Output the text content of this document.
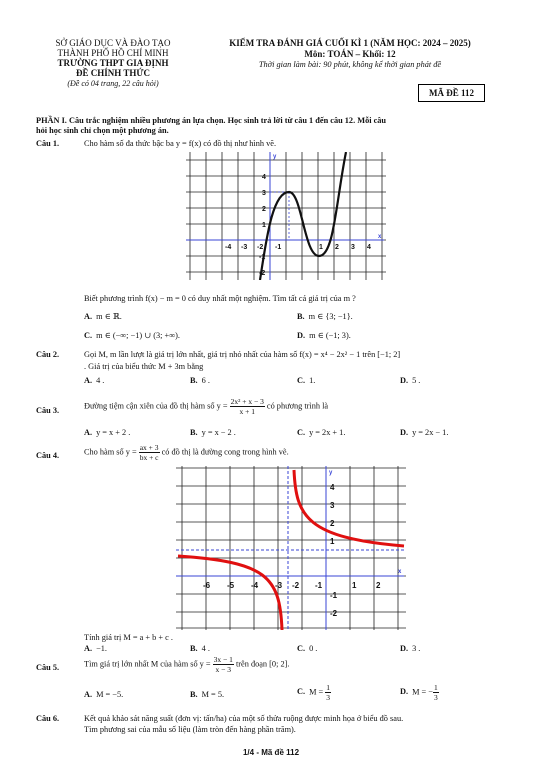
SỞ GIÁO DỤC VÀ ĐÀO TẠO
THÀNH PHỐ HỒ CHÍ MINH
TRƯỜNG THPT GIA ĐỊNH
ĐỀ CHÍNH THỨC
(Đề có 04 trang, 22 câu hỏi)
KIỂM TRA ĐÁNH GIÁ CUỐI KÌ 1 (NĂM HỌC: 2024 – 2025)
Môn: TOÁN – Khối: 12
Thời gian làm bài: 90 phút, không kể thời gian phát đề
MÃ ĐỀ 112
PHẦN I. Câu trắc nghiệm nhiều phương án lựa chọn. Học sinh trả lời từ câu 1 đến câu 12. Mỗi câu
hỏi học sinh chỉ chọn một phương án.
Câu 1.	Cho hàm số đa thức bậc ba y = f(x) có đồ thị như hình vẽ.
-4 -3 -2 -1	1 2 3 4
4
3
2
1
-1
-2
x
y
Biết phương trình f(x) − m = 0 có duy nhất một nghiệm. Tìm tất cả giá trị của m ?
A. m ∈ ℝ.	B. m ∈ {3; −1}.
C. m ∈ (−∞; −1) ∪ (3; +∞).	D. m ∈ (−1; 3).
Câu 2.	Gọi M, m lần lượt là giá trị lớn nhất, giá trị nhỏ nhất của hàm số f(x) = x⁴ − 2x² − 1 trên [−1; 2]
. Giá trị của biểu thức M + 3m bằng
A. 4 .	B. 6 .	C. 1.	D. 5 .
Câu 3.
Đường tiệm cận xiên của đồ thị hàm số $y = \frac{\text{2x² + x − 3}}{x + 1}$ có phương trình là
A. y = x + 2 .	B. y = x − 2 .	C. y = 2x + 1.	D. y = 2x − 1.
Câu 4.	Cho hàm số $y = \frac{ax + 3}{bx + c}$ có đồ thị là đường cong trong hình vẽ.
-6 -5 -4 -3 -2 -1	1 2
4
3
2
1
-1
-2
x
y
Tính giá trị M = a + b + c .
A. −1.	B. 4 .	C. 0 .	D. 3 .
Câu 5.	Tìm giá trị lớn nhất M của hàm số $y = \frac{3x - 1}{x - 3}$ trên đoạn [0; 2].
A. M = −5.	B. M = 5.	C. $M = \frac{1}{3}$	D. M = − $\frac{1}{3}$
Câu 6.	Kết quả khảo sát năng suất (đơn vị: tấn/ha) của một số thửa ruộng được minh họa ở biểu đồ sau.
Tìm phương sai của mẫu số liệu (làm tròn đến hàng phần trăm).
1/4 - Mã đề 112
